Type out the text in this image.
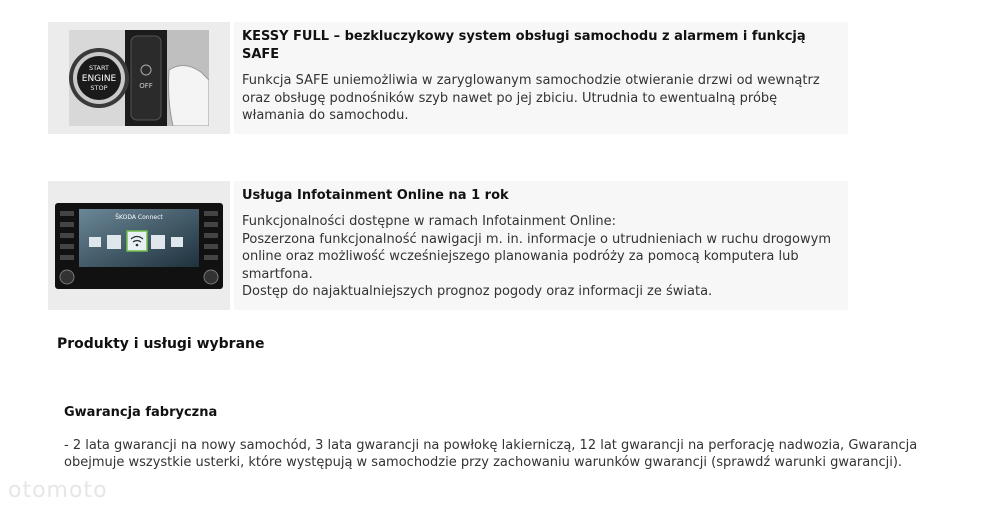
START
ENGINE
STOP	OFF
KESSY FULL – bezkluczykowy system obsługi samochodu z alarmem i funkcją SAFE

Funkcja SAFE uniemożliwia w zaryglowanym samochodzie otwieranie drzwi od wewnątrz oraz obsługę podnośników szyb nawet po jej zbiciu. Utrudnia to ewentualną próbę włamania do samochodu.

ŠKODA Connect
Usługa Infotainment Online na 1 rok

Funkcjonalności dostępne w ramach Infotainment Online:

Poszerzona funkcjonalność nawigacji m. in. informacje o utrudnieniach w ruchu drogowym online oraz możliwość wcześniejszego planowania podróży za pomocą komputera lub smartfona.

Dostęp do najaktualniejszych prognoz pogody oraz informacji ze świata.

Produkty i usługi wybrane
Gwarancja fabryczna

- 2 lata gwarancji na nowy samochód, 3 lata gwarancji na powłokę lakierniczą, 12 lat gwarancji na perforację nadwozia, Gwarancja obejmuje wszystkie usterki, które występują w samochodzie przy zachowaniu warunków gwarancji (sprawdź warunki gwarancji).

otomoto
